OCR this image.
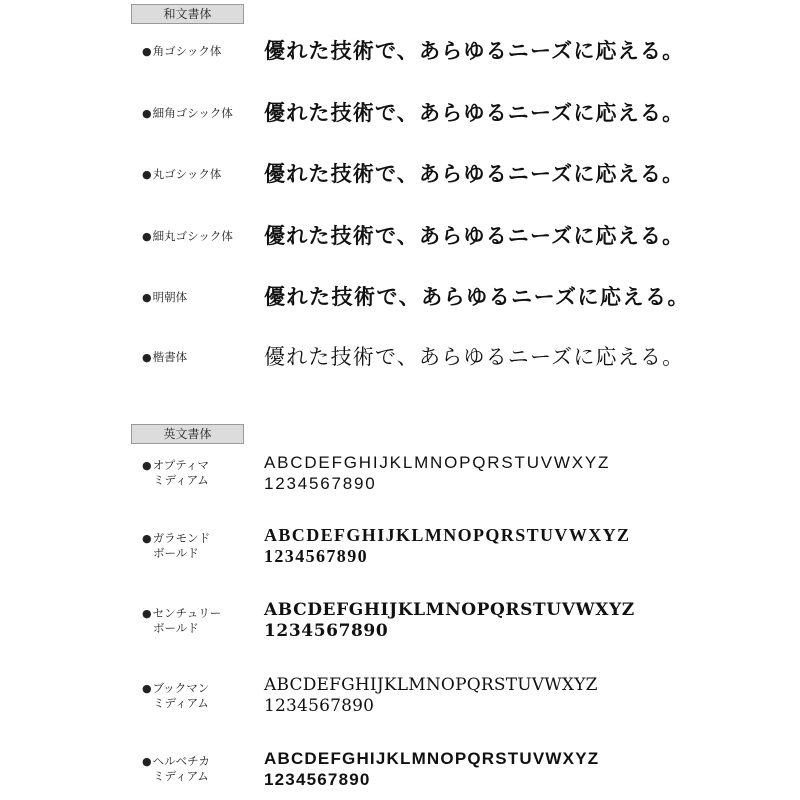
和文書体
●角ゴシック体 優れた技術で、あらゆるニーズに応える。
●細角ゴシック体 優れた技術で、あらゆるニーズに応える。
●丸ゴシック体 優れた技術で、あらゆるニーズに応える。
●細丸ゴシック体 優れた技術で、あらゆるニーズに応える。
●明朝体	優れた技術で、あらゆるニーズに応える。
●楷書体	優れた技術で、あらゆるニーズに応える。
英文書体
●オプティマ
ミディアム
ABCDEFGHIJKLMNOPQRSTUVWXYZ
1234567890
●ガラモンド
ボールド
ABCDEFGHIJKLMNOPQRSTUVWXYZ
1234567890
●センチュリー
ボールド
ABCDEFGHIJKLMNOPQRSTUVWXYZ
1234567890
●ブックマン
ミディアム
ABCDEFGHIJKLMNOPQRSTUVWXYZ
1234567890
●ヘルベチカ
ミディアム
ABCDEFGHIJKLMNOPQRSTUVWXYZ
1234567890
